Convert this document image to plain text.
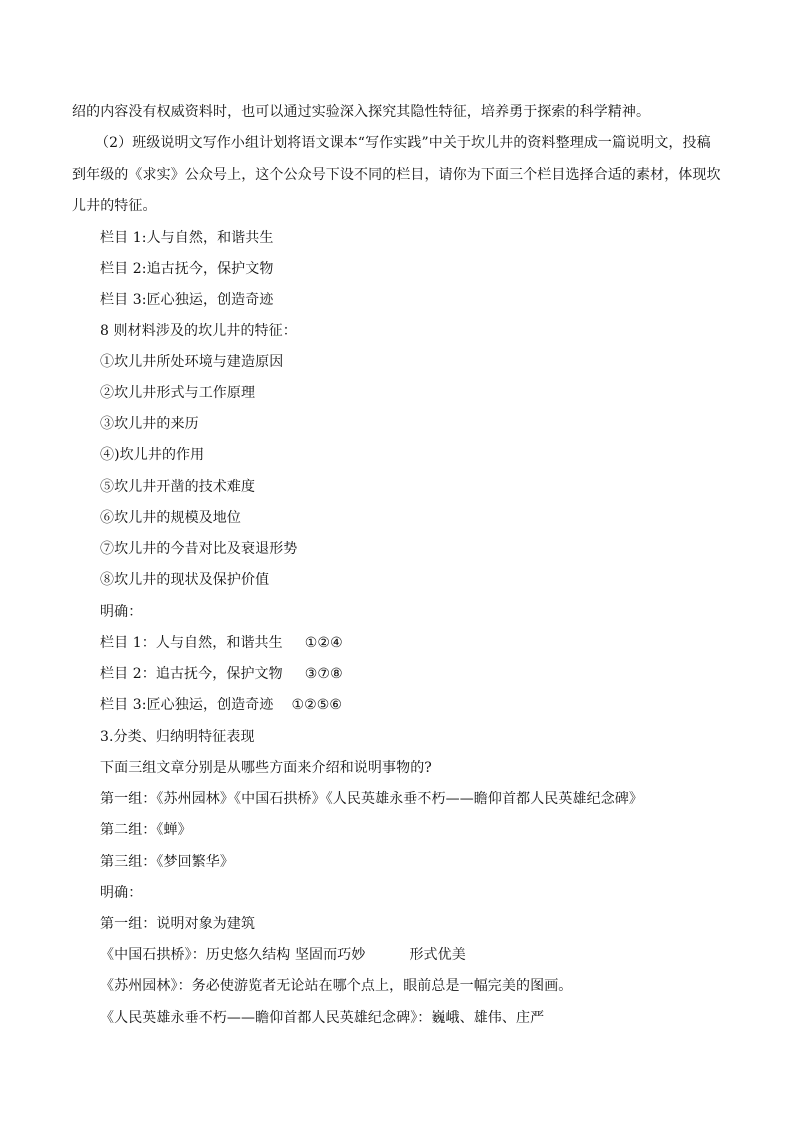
绍的内容没有权威资料时，也可以通过实验深入探究其隐性特征，培养勇于探索的科学精神。
（2）班级说明文写作小组计划将语文课本“写作实践”中关于坎儿井的资料整理成一篇说明文，投稿
到年级的《求实》公众号上，这个公众号下设不同的栏目，请你为下面三个栏目选择合适的素材，体现坎
儿井的特征。
栏目 1:人与自然，和谐共生
栏目 2:追古抚今，保护文物
栏目 3:匠心独运，创造奇迹
8 则材料涉及的坎儿井的特征：
①坎儿井所处环境与建造原因
②坎儿井形式与工作原理
③坎儿井的来历
④)坎儿井的作用
⑤坎儿井开凿的技术难度
⑥坎儿井的规模及地位
⑦坎儿井的今昔对比及衰退形势
⑧坎儿井的现状及保护价值
明确：
栏目 1：人与自然，和谐共生 ①②④
栏目 2：追古抚今，保护文物 ③⑦⑧
栏目 3:匠心独运，创造奇迹 ①②⑤⑥
3.分类、归纳明特征表现
下面三组文章分别是从哪些方面来介绍和说明事物的?
第一组：《苏州园林》《中国石拱桥》《人民英雄永垂不朽——瞻仰首都人民英雄纪念碑》
第二组：《蝉》
第三组：《梦回繁华》
明确：
第一组：说明对象为建筑
《中国石拱桥》：历史悠久结构 坚固而巧妙	形式优美
《苏州园林》：务必使游览者无论站在哪个点上，眼前总是一幅完美的图画。
《人民英雄永垂不朽——瞻仰首都人民英雄纪念碑》：巍峨、雄伟、庄严
